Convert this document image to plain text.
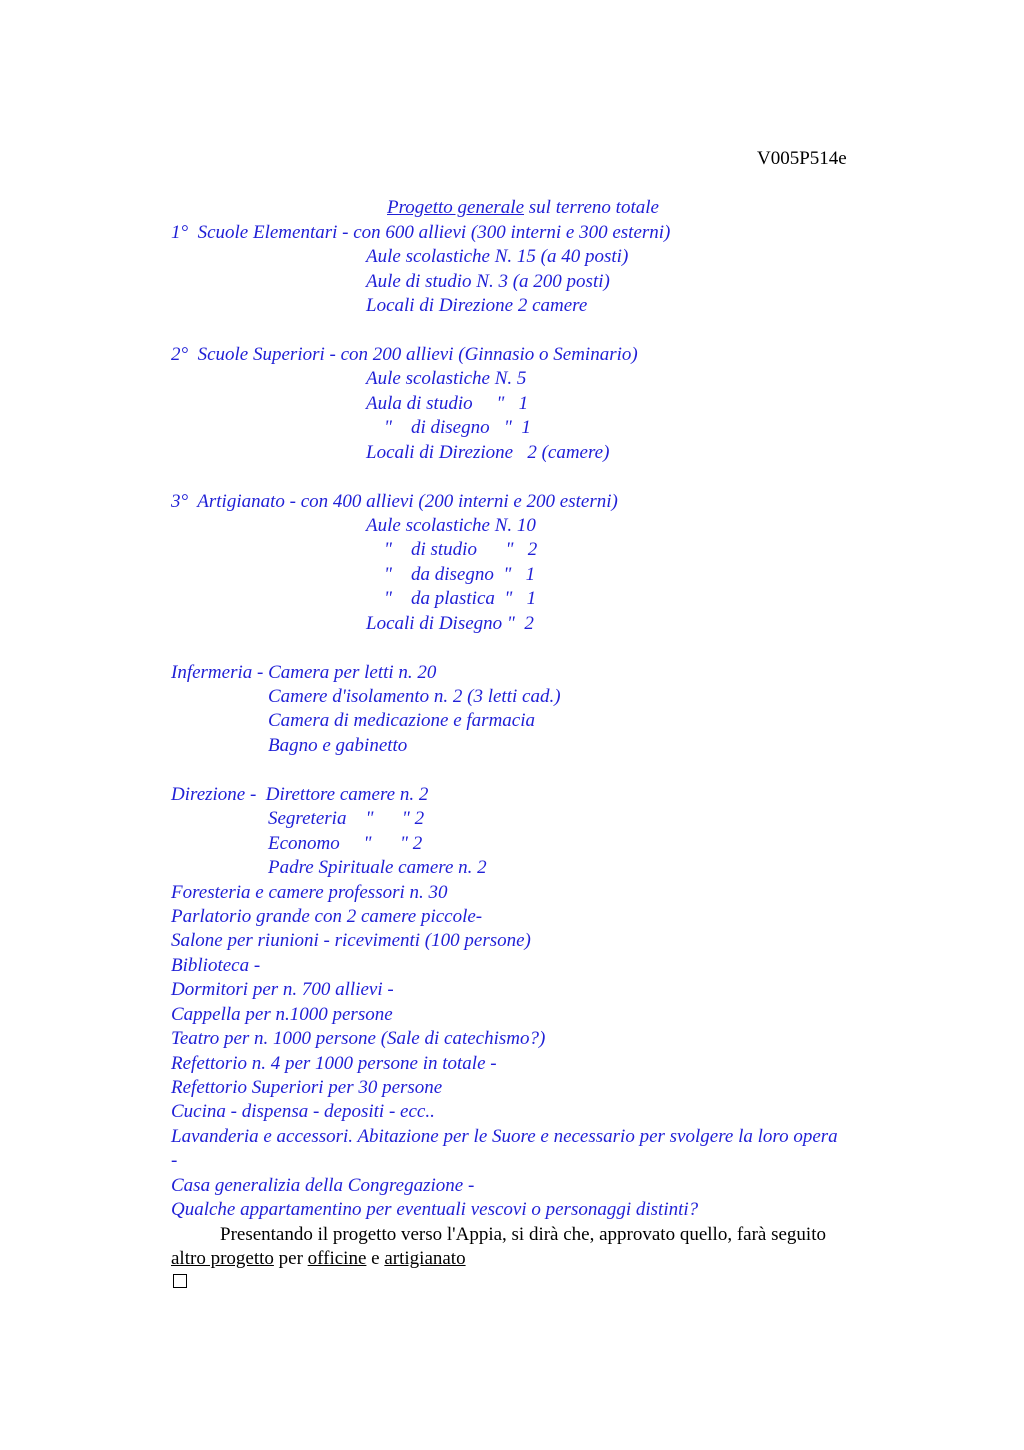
V005P514e
Progetto generale sul terreno totale
1°  Scuole Elementari - con 600 allievi (300 interni e 300 esterni)
Aule scolastiche N. 15 (a 40 posti)
Aule di studio N. 3 (a 200 posti)
Locali di Direzione 2 camere
2°  Scuole Superiori - con 200 allievi (Ginnasio o Seminario)
Aule scolastiche N. 5
Aula di studio     "   1
"    di disegno   "  1
Locali di Direzione   2 (camere)
3°  Artigianato - con 400 allievi (200 interni e 200 esterni)
Aule scolastiche N. 10
"    di studio      "   2
"    da disegno  "   1
"    da plastica  "   1
Locali di Disegno "  2
Infermeria - Camera per letti n. 20
Camere d'isolamento n. 2 (3 letti cad.)
Camera di medicazione e farmacia
Bagno e gabinetto
Direzione -  Direttore camere n. 2
Segreteria    "      " 2
Economo     "      " 2
Padre Spirituale camere n. 2
Foresteria e camere professori n. 30
Parlatorio grande con 2 camere piccole-
Salone per riunioni - ricevimenti (100 persone)
Biblioteca -
Dormitori per n. 700 allievi -
Cappella per n.1000 persone
Teatro per n. 1000 persone (Sale di catechismo?)
Refettorio n. 4 per 1000 persone in totale -
Refettorio Superiori per 30 persone
Cucina - dispensa - depositi - ecc..
Lavanderia e accessori. Abitazione per le Suore e necessario per svolgere la loro opera
-
Casa generalizia della Congregazione -
Qualche appartamentino per eventuali vescovi o personaggi distinti?
Presentando il progetto verso l'Appia, si dirà che, approvato quello, farà seguito
altro progetto per officine e artigianato
